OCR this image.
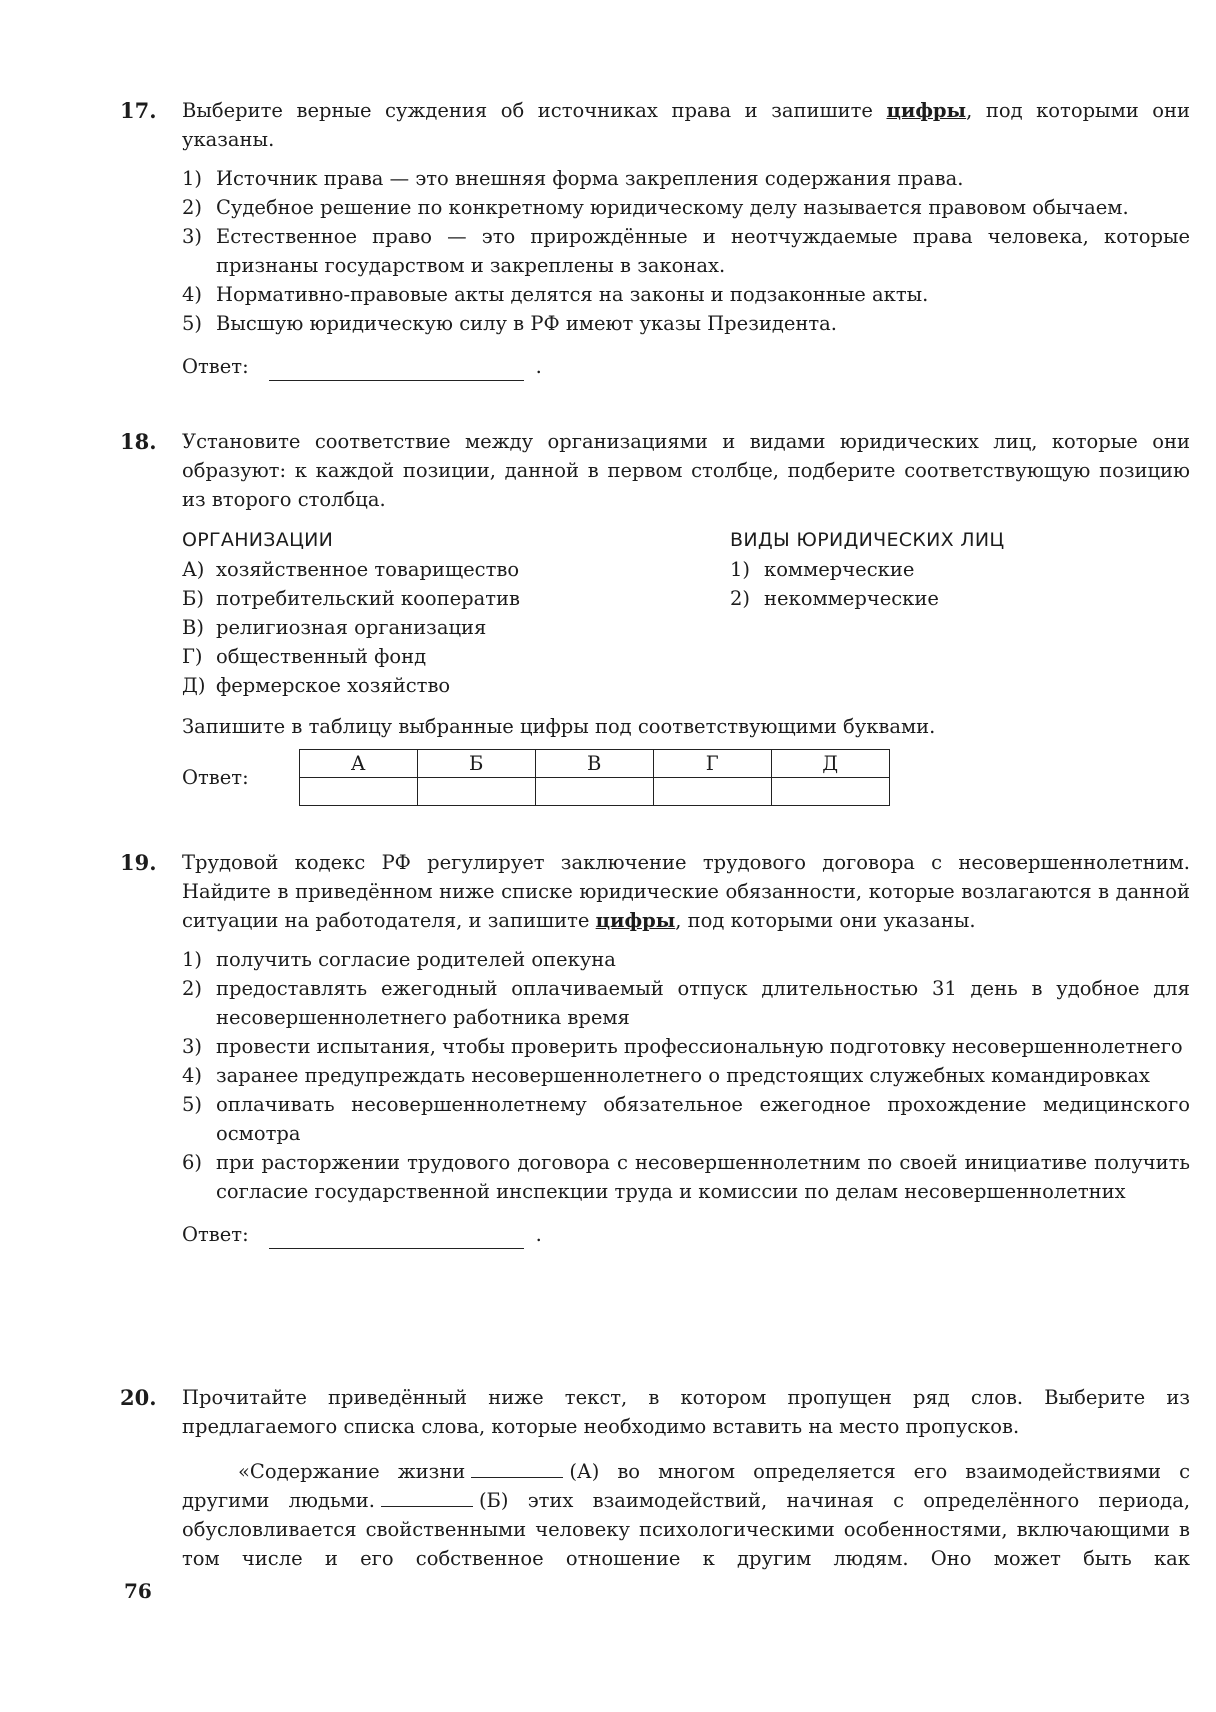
17. Выберите верные суждения об источниках права и запишите цифры, под которыми они указаны.

1) Источник права — это внешняя форма закрепления содержания права.
2) Судебное решение по конкретному юридическому делу называется правовом обычаем.
3) Естественное право — это прирождённые и неотчуждаемые права человека, которые признаны государством и закреплены в законах.
4) Нормативно-правовые акты делятся на законы и подзаконные акты.
5) Высшую юридическую силу в РФ имеют указы Президента.
Ответ:	.
18. Установите соответствие между организациями и видами юридических лиц, которые они образуют: к каждой позиции, данной в первом столбце, подберите соответствующую позицию из второго столбца.

ОРГАНИЗАЦИИ
А) хозяйственное товарищество
Б) потребительский кооператив
В) религиозная организация
Г) общественный фонд
Д) фермерское хозяйство
ВИДЫ ЮРИДИЧЕСКИХ ЛИЦ
1) коммерческие
2) некоммерческие

Запишите в таблицу выбранные цифры под соответствующими буквами.

Ответ:
А	Б	В	Г	Д

19. Трудовой кодекс РФ регулирует заключение трудового договора с несовершеннолетним. Найдите в приведённом ниже списке юридические обязанности, которые возлагаются в данной ситуации на работодателя, и запишите цифры, под которыми они указаны.

1) получить согласие родителей опекуна
2) предоставлять ежегодный оплачиваемый отпуск длительностью 31 день в удобное для несовершеннолетнего работника время
3) провести испытания, чтобы проверить профессиональную подготовку несовершеннолетнего
4) заранее предупреждать несовершеннолетнего о предстоящих служебных командировках
5) оплачивать несовершеннолетнему обязательное ежегодное прохождение медицинского осмотра
6) при расторжении трудового договора с несовершеннолетним по своей инициативе получить согласие государственной инспекции труда и комиссии по делам несовершеннолетних
Ответ:	.
20. Прочитайте приведённый ниже текст, в котором пропущен ряд слов. Выберите из предлагаемого списка слова, которые необходимо вставить на место пропусков.

«Содержание жизни	(А) во многом определяется его взаимодействиями с другими людьми.	(Б) этих взаимодействий, начиная с определённого периода, обусловливается свойственными человеку психологическими особенностями, включающими в том числе и его собственное отношение к другим людям. Оно может быть как

76
